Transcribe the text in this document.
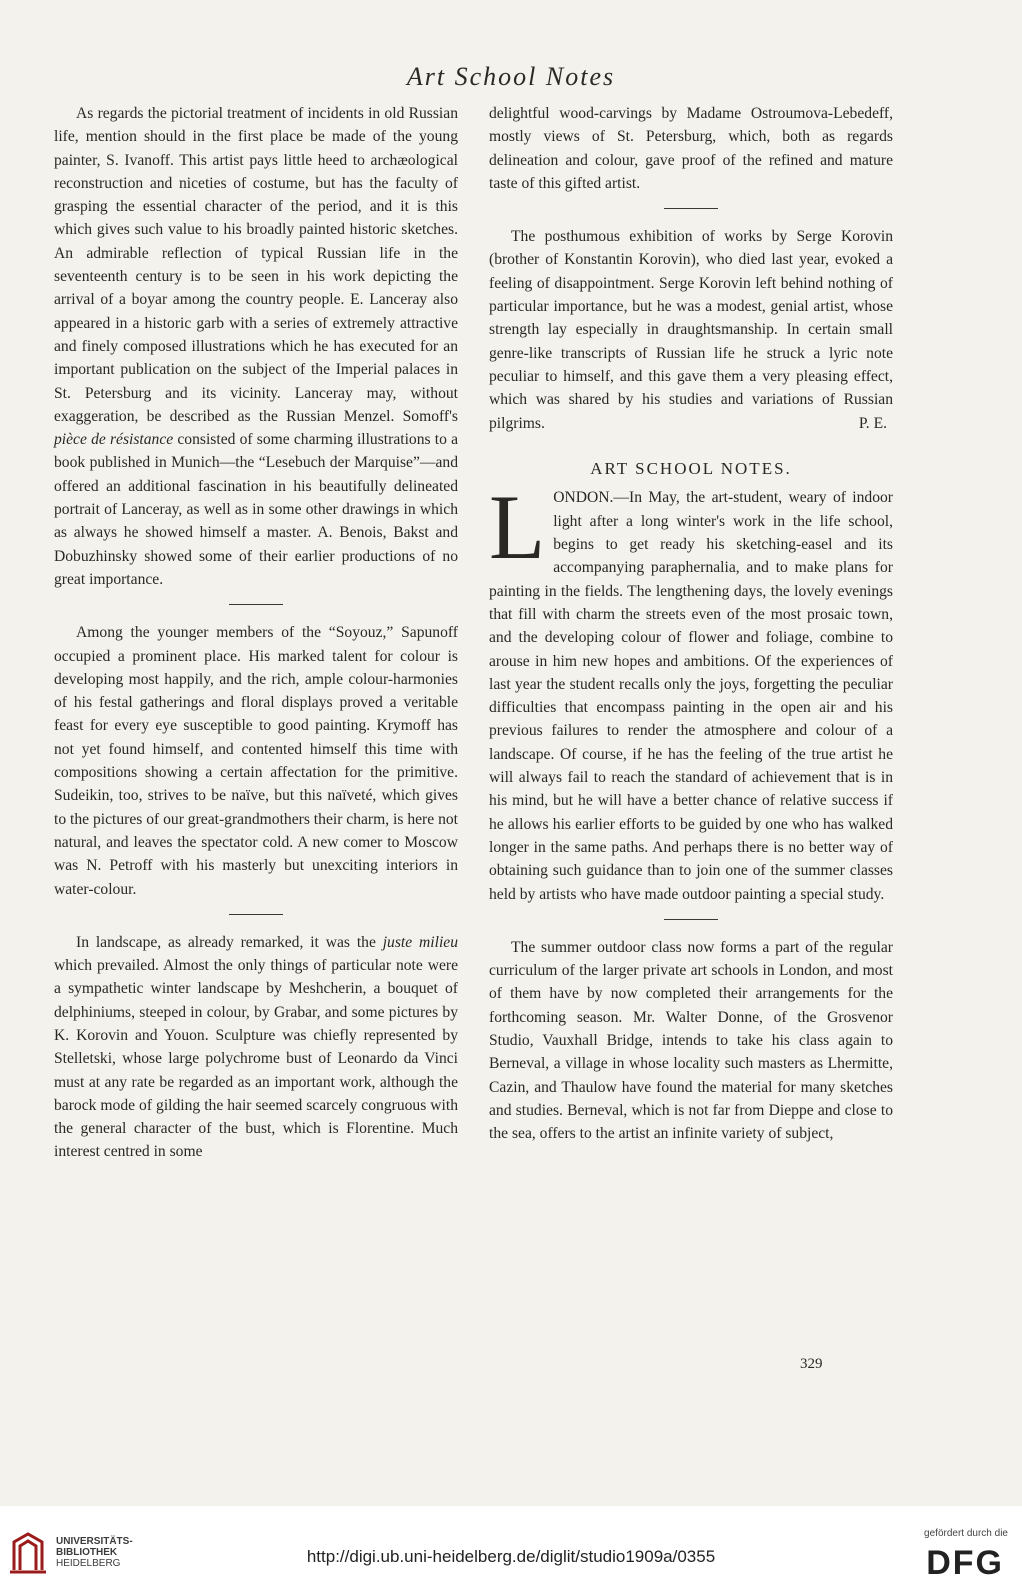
Art School Notes

As regards the pictorial treatment of incidents in old Russian life, mention should in the first place be made of the young painter, S. Ivanoff. This artist pays little heed to archæological reconstruction and niceties of costume, but has the faculty of grasping the essential character of the period, and it is this which gives such value to his broadly painted historic sketches. An admirable reflection of typical Russian life in the seventeenth century is to be seen in his work depicting the arrival of a boyar among the country people. E. Lanceray also appeared in a historic garb with a series of extremely attractive and finely composed illustrations which he has executed for an important publication on the subject of the Imperial palaces in St. Petersburg and its vicinity. Lanceray may, without exaggeration, be described as the Russian Menzel. Somoff's pièce de résistance consisted of some charming illustrations to a book published in Munich—the “Lesebuch der Marquise”—and offered an additional fascination in his beautifully delineated portrait of Lanceray, as well as in some other drawings in which as always he showed himself a master. A. Benois, Bakst and Dobuzhinsky showed some of their earlier productions of no great importance.

Among the younger members of the “Soyouz,” Sapunoff occupied a prominent place. His marked talent for colour is developing most happily, and the rich, ample colour-harmonies of his festal gatherings and floral displays proved a veritable feast for every eye susceptible to good painting. Krymoff has not yet found himself, and contented himself this time with compositions showing a certain affectation for the primitive. Sudeikin, too, strives to be naïve, but this naïveté, which gives to the pictures of our great-grandmothers their charm, is here not natural, and leaves the spectator cold. A new comer to Moscow was N. Petroff with his masterly but unexciting interiors in water-colour.

In landscape, as already remarked, it was the juste milieu which prevailed. Almost the only things of particular note were a sympathetic winter landscape by Meshcherin, a bouquet of delphiniums, steeped in colour, by Grabar, and some pictures by K. Korovin and Youon. Sculpture was chiefly represented by Stelletski, whose large polychrome bust of Leonardo da Vinci must at any rate be regarded as an important work, although the barock mode of gilding the hair seemed scarcely congruous with the general character of the bust, which is Florentine. Much interest centred in some

delightful wood-carvings by Madame Ostroumova-Lebedeff, mostly views of St. Petersburg, which, both as regards delineation and colour, gave proof of the refined and mature taste of this gifted artist.

The posthumous exhibition of works by Serge Korovin (brother of Konstantin Korovin), who died last year, evoked a feeling of disappointment. Serge Korovin left behind nothing of particular importance, but he was a modest, genial artist, whose strength lay especially in draughtsmanship. In certain small genre-like transcripts of Russian life he struck a lyric note peculiar to himself, and this gave them a very pleasing effect, which was shared by his studies and variations of Russian pilgrims.	P. E.
ART SCHOOL NOTES.

LONDON.—In May, the art-student, weary of indoor light after a long winter's work in the life school, begins to get ready his sketching-easel and its accompanying paraphernalia, and to make plans for painting in the fields. The lengthening days, the lovely evenings that fill with charm the streets even of the most prosaic town, and the developing colour of flower and foliage, combine to arouse in him new hopes and ambitions. Of the experiences of last year the student recalls only the joys, forgetting the peculiar difficulties that encompass painting in the open air and his previous failures to render the atmosphere and colour of a landscape. Of course, if he has the feeling of the true artist he will always fail to reach the standard of achievement that is in his mind, but he will have a better chance of relative success if he allows his earlier efforts to be guided by one who has walked longer in the same paths. And perhaps there is no better way of obtaining such guidance than to join one of the summer classes held by artists who have made outdoor painting a special study.

The summer outdoor class now forms a part of the regular curriculum of the larger private art schools in London, and most of them have by now completed their arrangements for the forthcoming season. Mr. Walter Donne, of the Grosvenor Studio, Vauxhall Bridge, intends to take his class again to Berneval, a village in whose locality such masters as Lhermitte, Cazin, and Thaulow have found the material for many sketches and studies. Berneval, which is not far from Dieppe and close to the sea, offers to the artist an infinite variety of subject,

329
UNIVERSITÄTS-
BIBLIOTHEK
HEIDELBERG	http://digi.ub.uni-heidelberg.de/diglit/studio1909a/0355
gefördert durch die
DFG
